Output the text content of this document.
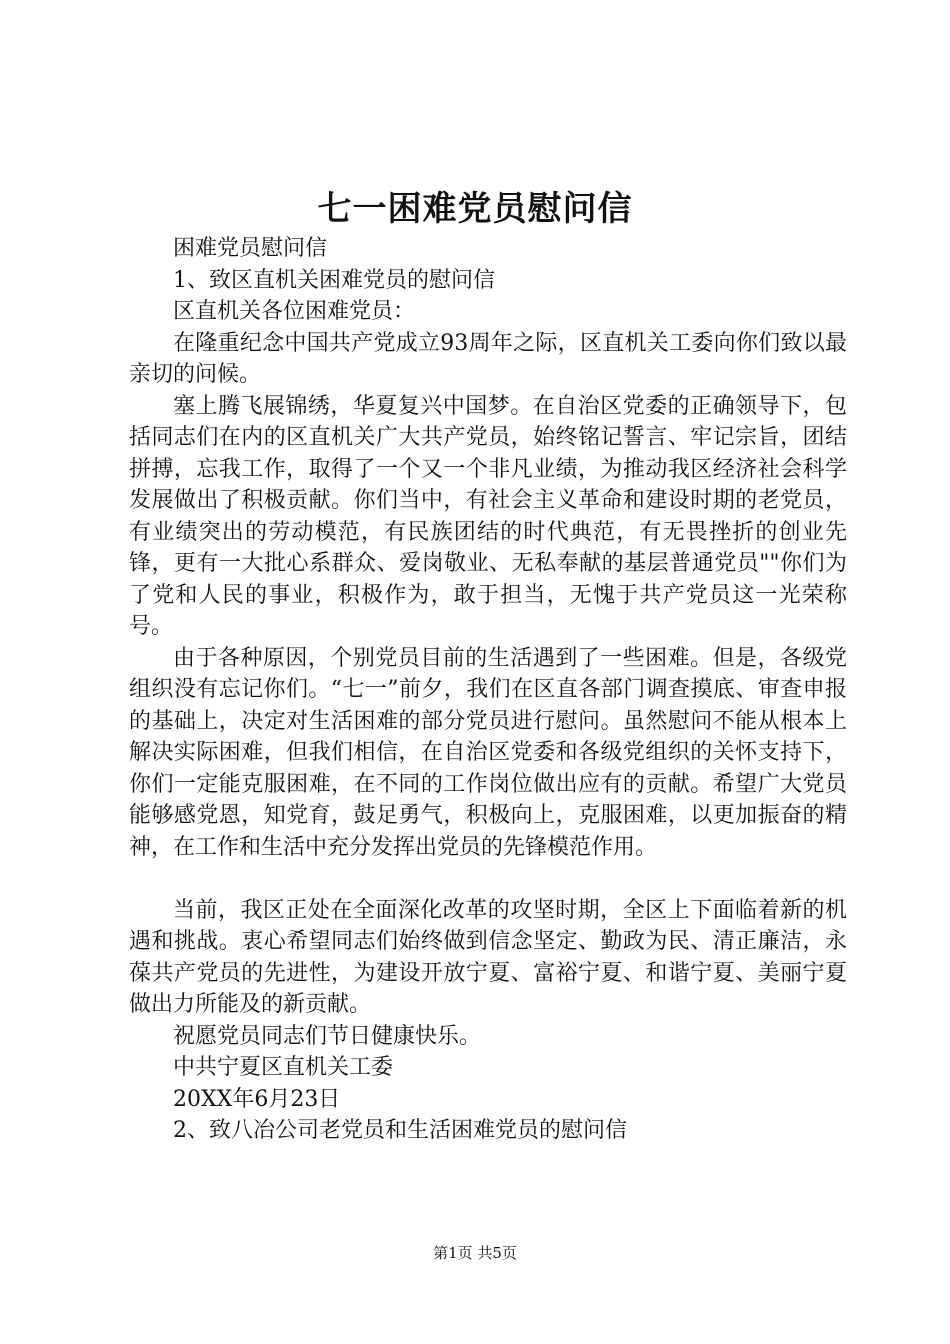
七一困难党员慰问信

困难党员慰问信

1、致区直机关困难党员的慰问信

区直机关各位困难党员：

在隆重纪念中国共产党成立93周年之际，区直机关工委向你们致以最亲切的问候。

塞上腾飞展锦绣，华夏复兴中国梦。在自治区党委的正确领导下，包括同志们在内的区直机关广大共产党员，始终铭记誓言、牢记宗旨，团结拼搏，忘我工作，取得了一个又一个非凡业绩，为推动我区经济社会科学发展做出了积极贡献。你们当中，有社会主义革命和建设时期的老党员，有业绩突出的劳动模范，有民族团结的时代典范，有无畏挫折的创业先锋，更有一大批心系群众、爱岗敬业、无私奉献的基层普通党员""你们为了党和人民的事业，积极作为，敢于担当，无愧于共产党员这一光荣称号。

由于各种原因，个别党员目前的生活遇到了一些困难。但是，各级党组织没有忘记你们。“七一”前夕，我们在区直各部门调查摸底、审查申报的基础上，决定对生活困难的部分党员进行慰问。虽然慰问不能从根本上解决实际困难，但我们相信，在自治区党委和各级党组织的关怀支持下，你们一定能克服困难，在不同的工作岗位做出应有的贡献。希望广大党员能够感党恩，知党育，鼓足勇气，积极向上，克服困难，以更加振奋的精神，在工作和生活中充分发挥出党员的先锋模范作用。

当前，我区正处在全面深化改革的攻坚时期，全区上下面临着新的机遇和挑战。衷心希望同志们始终做到信念坚定、勤政为民、清正廉洁，永葆共产党员的先进性，为建设开放宁夏、富裕宁夏、和谐宁夏、美丽宁夏做出力所能及的新贡献。

祝愿党员同志们节日健康快乐。

中共宁夏区直机关工委

20XX年6月23日

2、致八冶公司老党员和生活困难党员的慰问信

第1页 共5页
